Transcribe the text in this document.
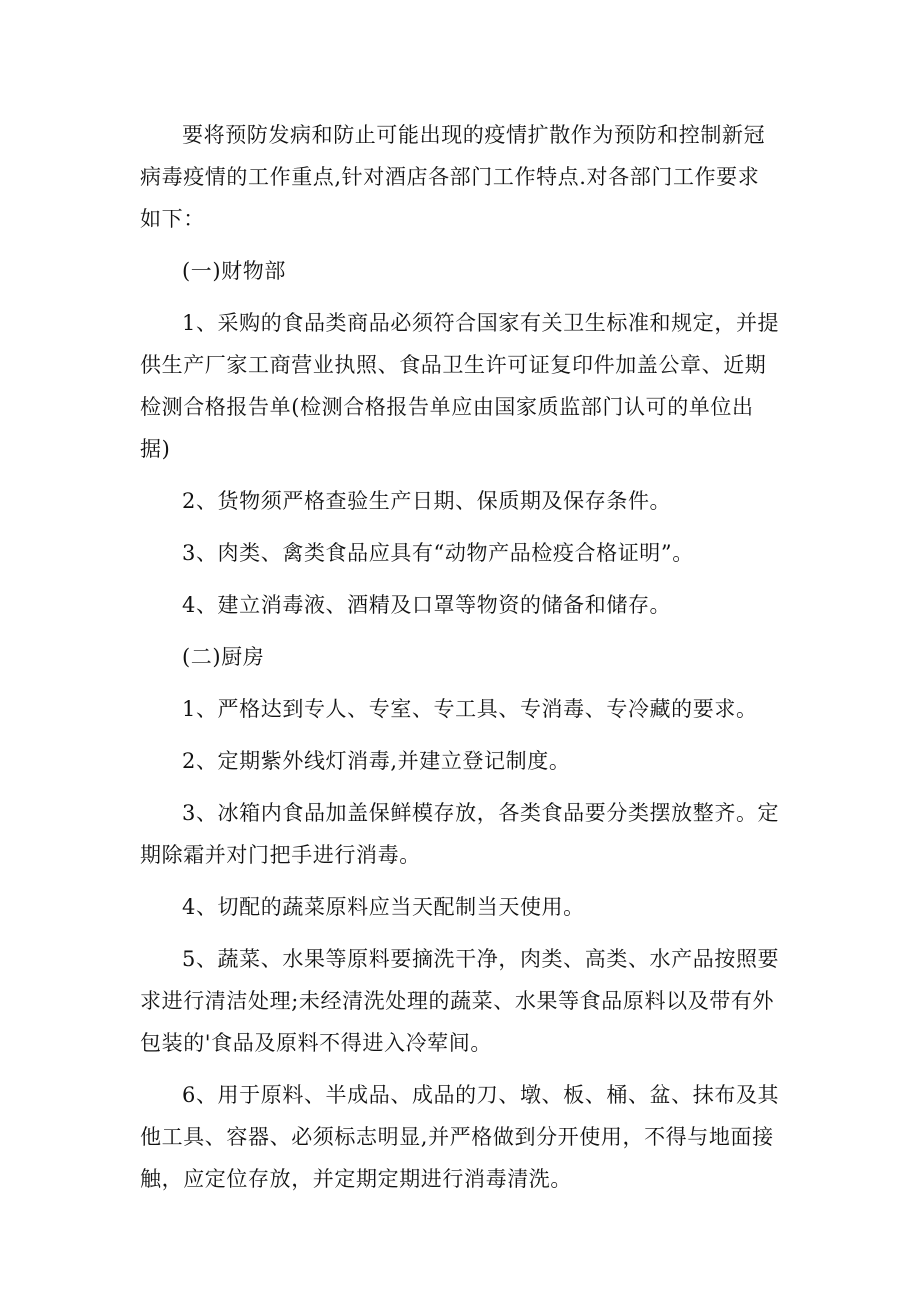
要将预防发病和防止可能出现的疫情扩散作为预防和控制新冠病毒疫情的工作重点,针对酒店各部门工作特点.对各部门工作要求如下：

(一)财物部

1、采购的食品类商品必须符合国家有关卫生标准和规定，并提供生产厂家工商营业执照、食品卫生许可证复印件加盖公章、近期检测合格报告单(检测合格报告单应由国家质监部门认可的单位出据)

2、货物须严格查验生产日期、保质期及保存条件。

3、肉类、禽类食品应具有“动物产品检疫合格证明”。

4、建立消毒液、酒精及口罩等物资的储备和储存。

(二)厨房

1、严格达到专人、专室、专工具、专消毒、专冷藏的要求。

2、定期紫外线灯消毒,并建立登记制度。

3、冰箱内食品加盖保鲜模存放，各类食品要分类摆放整齐。定期除霜并对门把手进行消毒。

4、切配的蔬菜原料应当天配制当天使用。

5、蔬菜、水果等原料要摘洗干净，肉类、高类、水产品按照要求进行清洁处理;未经清洗处理的蔬菜、水果等食品原料以及带有外包装的'食品及原料不得进入冷荤间。

6、用于原料、半成品、成品的刀、墩、板、桶、盆、抹布及其他工具、容器、必须标志明显,并严格做到分开使用，不得与地面接触，应定位存放，并定期定期进行消毒清洗。
